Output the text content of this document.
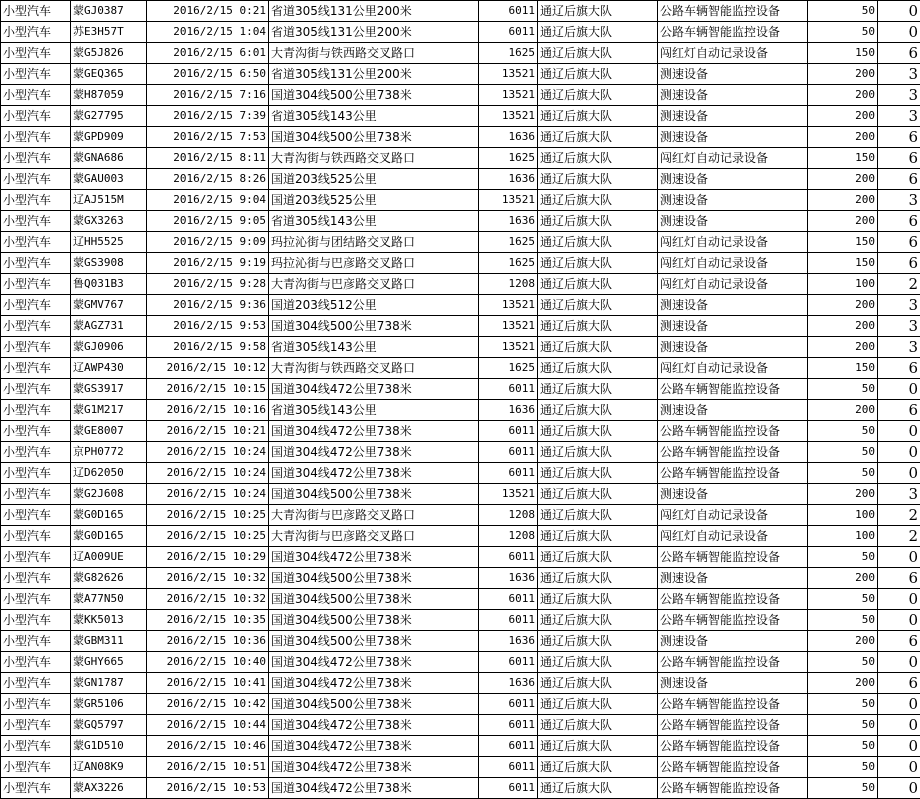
小型汽车	蒙GJ0387	2016/2/15 0:21	省道305线131公里200米	6011	通辽后旗大队	公路车辆智能监控设备	50	0
小型汽车	苏E3H57T	2016/2/15 1:04	省道305线131公里200米	6011	通辽后旗大队	公路车辆智能监控设备	50	0
小型汽车	蒙G5J826	2016/2/15 6:01	大青沟街与铁西路交叉路口	1625	通辽后旗大队	闯红灯自动记录设备	150	6
小型汽车	蒙GEQ365	2016/2/15 6:50	省道305线131公里200米	13521	通辽后旗大队	测速设备	200	3
小型汽车	蒙H87059	2016/2/15 7:16	国道304线500公里738米	13521	通辽后旗大队	测速设备	200	3
小型汽车	蒙G27795	2016/2/15 7:39	省道305线143公里	13521	通辽后旗大队	测速设备	200	3
小型汽车	蒙GPD909	2016/2/15 7:53	国道304线500公里738米	1636	通辽后旗大队	测速设备	200	6
小型汽车	蒙GNA686	2016/2/15 8:11	大青沟街与铁西路交叉路口	1625	通辽后旗大队	闯红灯自动记录设备	150	6
小型汽车	蒙GAU003	2016/2/15 8:26	国道203线525公里	1636	通辽后旗大队	测速设备	200	6
小型汽车	辽AJ515M	2016/2/15 9:04	国道203线525公里	13521	通辽后旗大队	测速设备	200	3
小型汽车	蒙GX3263	2016/2/15 9:05	省道305线143公里	1636	通辽后旗大队	测速设备	200	6
小型汽车	辽HH5525	2016/2/15 9:09	玛拉沁街与团结路交叉路口	1625	通辽后旗大队	闯红灯自动记录设备	150	6
小型汽车	蒙GS3908	2016/2/15 9:19	玛拉沁街与巴彦路交叉路口	1625	通辽后旗大队	闯红灯自动记录设备	150	6
小型汽车	鲁Q031B3	2016/2/15 9:28	大青沟街与巴彦路交叉路口	1208	通辽后旗大队	闯红灯自动记录设备	100	2
小型汽车	蒙GMV767	2016/2/15 9:36	国道203线512公里	13521	通辽后旗大队	测速设备	200	3
小型汽车	蒙AGZ731	2016/2/15 9:53	国道304线500公里738米	13521	通辽后旗大队	测速设备	200	3
小型汽车	蒙GJ0906	2016/2/15 9:58	省道305线143公里	13521	通辽后旗大队	测速设备	200	3
小型汽车	辽AWP430	2016/2/15 10:12	大青沟街与铁西路交叉路口	1625	通辽后旗大队	闯红灯自动记录设备	150	6
小型汽车	蒙GS3917	2016/2/15 10:15	国道304线472公里738米	6011	通辽后旗大队	公路车辆智能监控设备	50	0
小型汽车	蒙G1M217	2016/2/15 10:16	省道305线143公里	1636	通辽后旗大队	测速设备	200	6
小型汽车	蒙GE8007	2016/2/15 10:21	国道304线472公里738米	6011	通辽后旗大队	公路车辆智能监控设备	50	0
小型汽车	京PH0772	2016/2/15 10:24	国道304线472公里738米	6011	通辽后旗大队	公路车辆智能监控设备	50	0
小型汽车	辽D62050	2016/2/15 10:24	国道304线472公里738米	6011	通辽后旗大队	公路车辆智能监控设备	50	0
小型汽车	蒙G2J608	2016/2/15 10:24	国道304线500公里738米	13521	通辽后旗大队	测速设备	200	3
小型汽车	蒙G0D165	2016/2/15 10:25	大青沟街与巴彦路交叉路口	1208	通辽后旗大队	闯红灯自动记录设备	100	2
小型汽车	蒙G0D165	2016/2/15 10:25	大青沟街与巴彦路交叉路口	1208	通辽后旗大队	闯红灯自动记录设备	100	2
小型汽车	辽A009UE	2016/2/15 10:29	国道304线472公里738米	6011	通辽后旗大队	公路车辆智能监控设备	50	0
小型汽车	蒙G82626	2016/2/15 10:32	国道304线500公里738米	1636	通辽后旗大队	测速设备	200	6
小型汽车	蒙A77N50	2016/2/15 10:32	国道304线500公里738米	6011	通辽后旗大队	公路车辆智能监控设备	50	0
小型汽车	蒙KK5013	2016/2/15 10:35	国道304线500公里738米	6011	通辽后旗大队	公路车辆智能监控设备	50	0
小型汽车	蒙GBM311	2016/2/15 10:36	国道304线500公里738米	1636	通辽后旗大队	测速设备	200	6
小型汽车	蒙GHY665	2016/2/15 10:40	国道304线472公里738米	6011	通辽后旗大队	公路车辆智能监控设备	50	0
小型汽车	蒙GN1787	2016/2/15 10:41	国道304线472公里738米	1636	通辽后旗大队	测速设备	200	6
小型汽车	蒙GR5106	2016/2/15 10:42	国道304线500公里738米	6011	通辽后旗大队	公路车辆智能监控设备	50	0
小型汽车	蒙GQ5797	2016/2/15 10:44	国道304线472公里738米	6011	通辽后旗大队	公路车辆智能监控设备	50	0
小型汽车	蒙G1D510	2016/2/15 10:46	国道304线472公里738米	6011	通辽后旗大队	公路车辆智能监控设备	50	0
小型汽车	辽AN08K9	2016/2/15 10:51	国道304线472公里738米	6011	通辽后旗大队	公路车辆智能监控设备	50	0
小型汽车	蒙AX3226	2016/2/15 10:53	国道304线472公里738米	6011	通辽后旗大队	公路车辆智能监控设备	50	0
